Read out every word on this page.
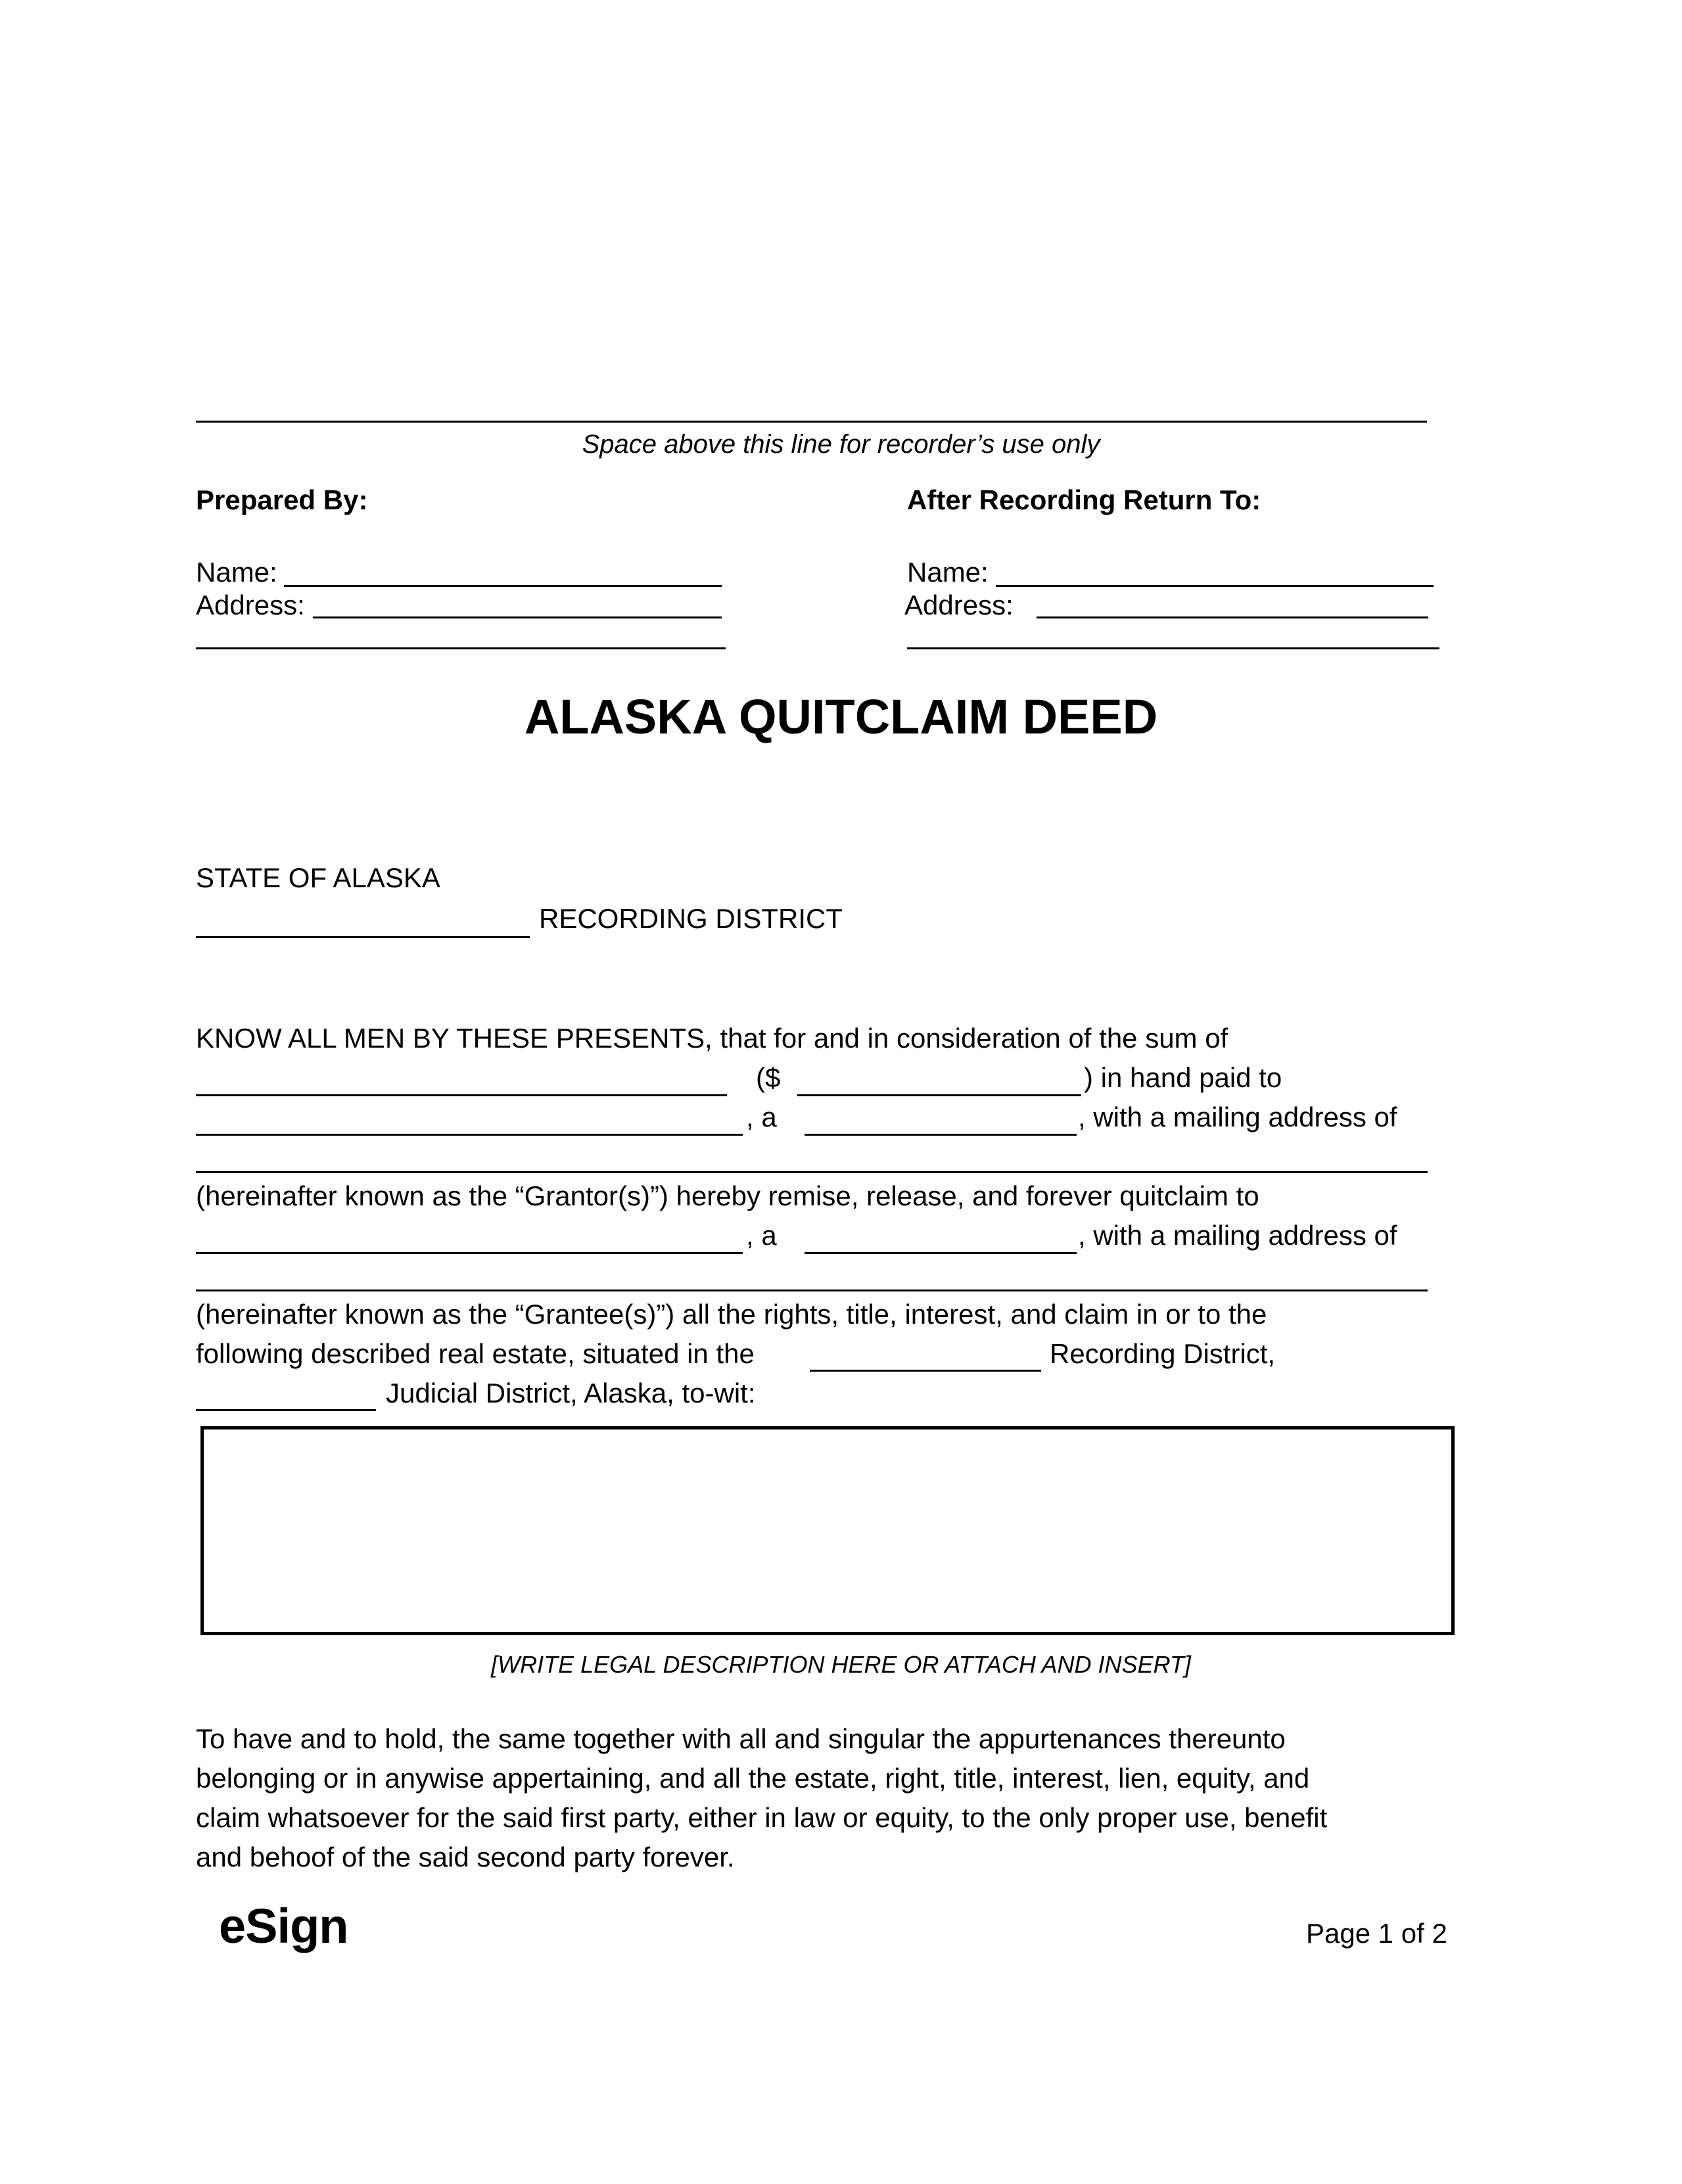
Space above this line for recorder’s use only
Prepared By:
Name:
Address:
After Recording Return To:
Name:
Address:
ALASKA QUITCLAIM DEED
STATE OF ALASKA
RECORDING DISTRICT
KNOW ALL MEN BY THESE PRESENTS, that for and in consideration of the sum of
($	) in hand paid to
, a	, with a mailing address of
(hereinafter known as the “Grantor(s)”) hereby remise, release, and forever quitclaim to
, a	, with a mailing address of
(hereinafter known as the “Grantee(s)”) all the rights, title, interest, and claim in or to the
following described real estate, situated in the	Recording District,
Judicial District, Alaska, to-wit:
[WRITE LEGAL DESCRIPTION HERE OR ATTACH AND INSERT]
To have and to hold, the same together with all and singular the appurtenances thereunto
belonging or in anywise appertaining, and all the estate, right, title, interest, lien, equity, and
claim whatsoever for the said first party, either in law or equity, to the only proper use, benefit
and behoof of the said second party forever.
eSign	Page 1 of 2
